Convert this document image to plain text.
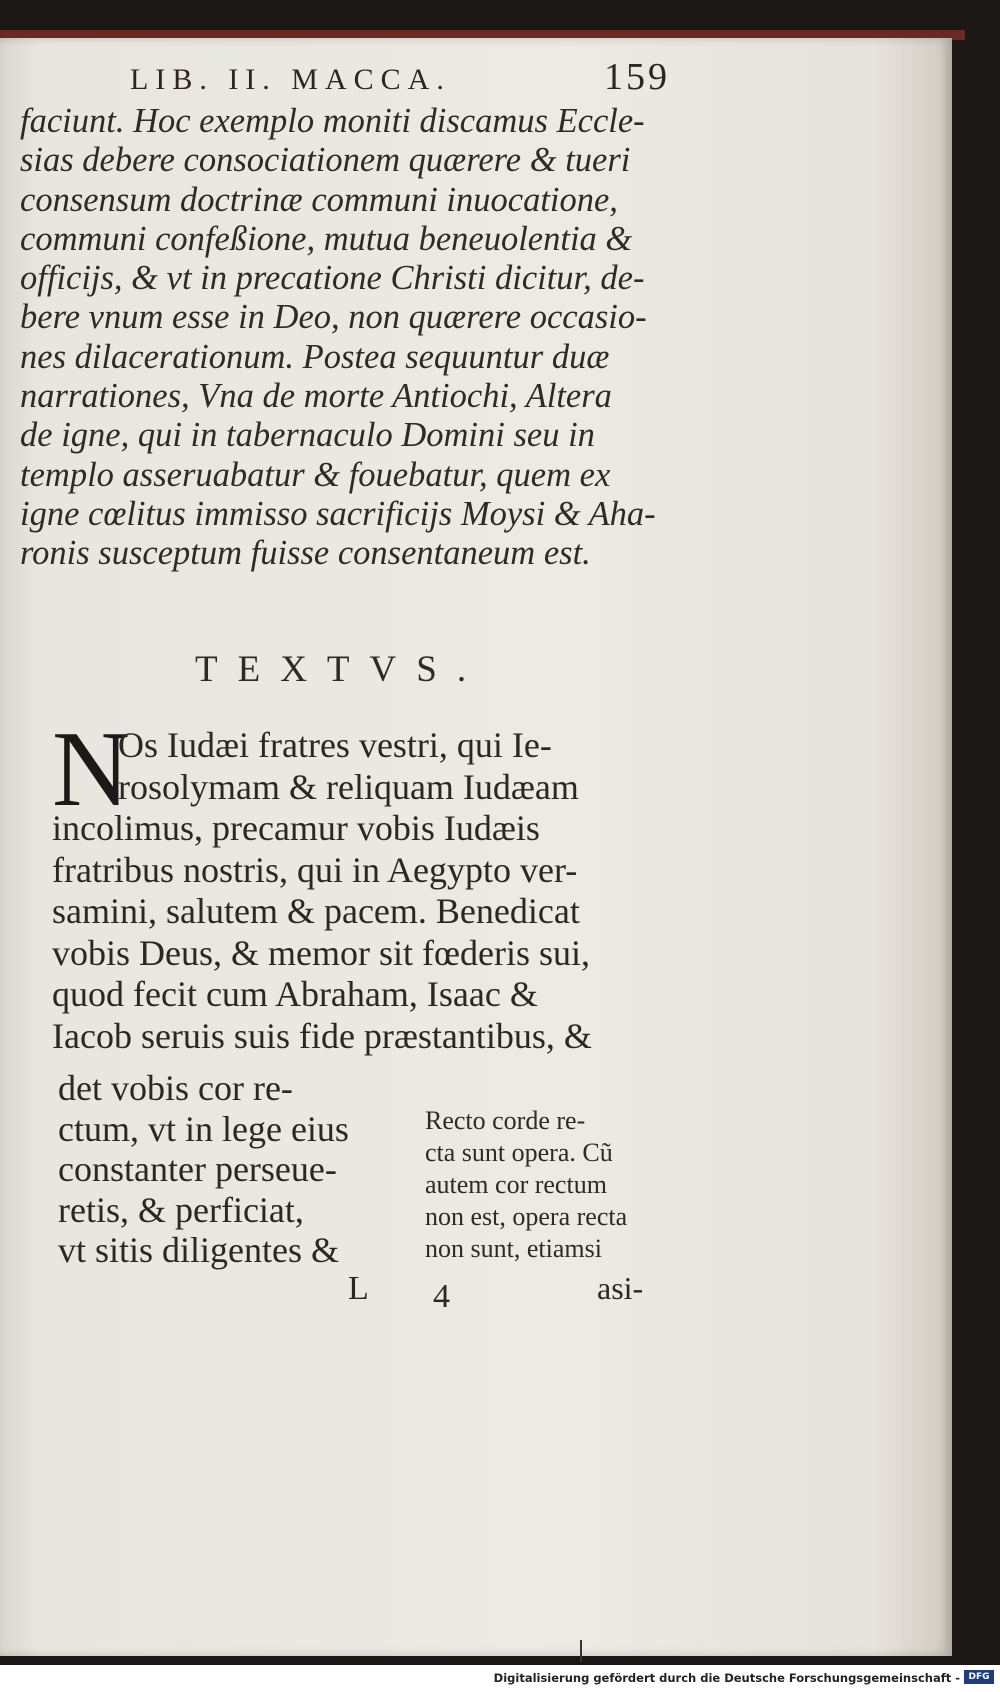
LIB. II. MACCA.	159
faciunt. Hoc exemplo moniti discamus Eccle-
sias debere consociationem quærere & tueri
consensum doctrinæ communi inuocatione,
communi confeßione, mutua beneuolentia &
officijs, & vt in precatione Christi dicitur, de-
bere vnum esse in Deo, non quærere occasio-
nes dilacerationum. Postea sequuntur duæ
narrationes, Vna de morte Antiochi, Altera
de igne, qui in tabernaculo Domini seu in
templo asseruabatur & fouebatur, quem ex
igne cœlitus immisso sacrificijs Moysi & Aha-
ronis susceptum fuisse consentaneum est.
TEXTVS.
N
Os Iudæi fratres vestri, qui Ie-
rosolymam & reliquam Iudæam
incolimus, precamur vobis Iudæis
fratribus nostris, qui in Aegypto ver-
samini, salutem & pacem. Benedicat
vobis Deus, & memor sit fœderis sui,
quod fecit cum Abraham, Isaac &
Iacob seruis suis fide præstantibus, &
det vobis cor re-
ctum, vt in lege eius
constanter perseue-
retis, & perficiat,
vt sitis diligentes &
Recto corde re-
cta sunt opera. Cũ
autem cor rectum
non est, opera recta
non sunt, etiamsi
L 4	asi-
Digitalisierung gefördert durch die Deutsche Forschungsgemeinschaft - DFG
